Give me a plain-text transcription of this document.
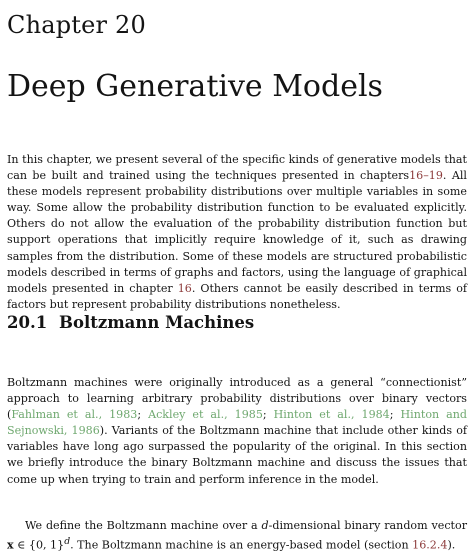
Chapter 20
Deep Generative Models
In this chapter, we present several of the specific kinds of generative models that can be built and trained using the techniques presented in chapters16–19. All these models represent probability distributions over multiple variables in some way. Some allow the probability distribution function to be evaluated explicitly. Others do not allow the evaluation of the probability distribution function but support operations that implicitly require knowledge of it, such as drawing samples from the distribution. Some of these models are structured probabilistic models described in terms of graphs and factors, using the language of graphical models presented in chapter 16. Others cannot be easily described in terms of factors but represent probability distributions nonetheless.
20.1 Boltzmann Machines
Boltzmann machines were originally introduced as a general “connectionist” approach to learning arbitrary probability distributions over binary vectors (Fahlman et al., 1983; Ackley et al., 1985; Hinton et al., 1984; Hinton and Sejnowski, 1986). Variants of the Boltzmann machine that include other kinds of variables have long ago surpassed the popularity of the original. In this section we briefly introduce the binary Boltzmann machine and discuss the issues that come up when trying to train and perform inference in the model.
We define the Boltzmann machine over a d-dimensional binary random vector x ∈ {0, 1}$^d$. The Boltzmann machine is an energy-based model (section 16.2.4).
